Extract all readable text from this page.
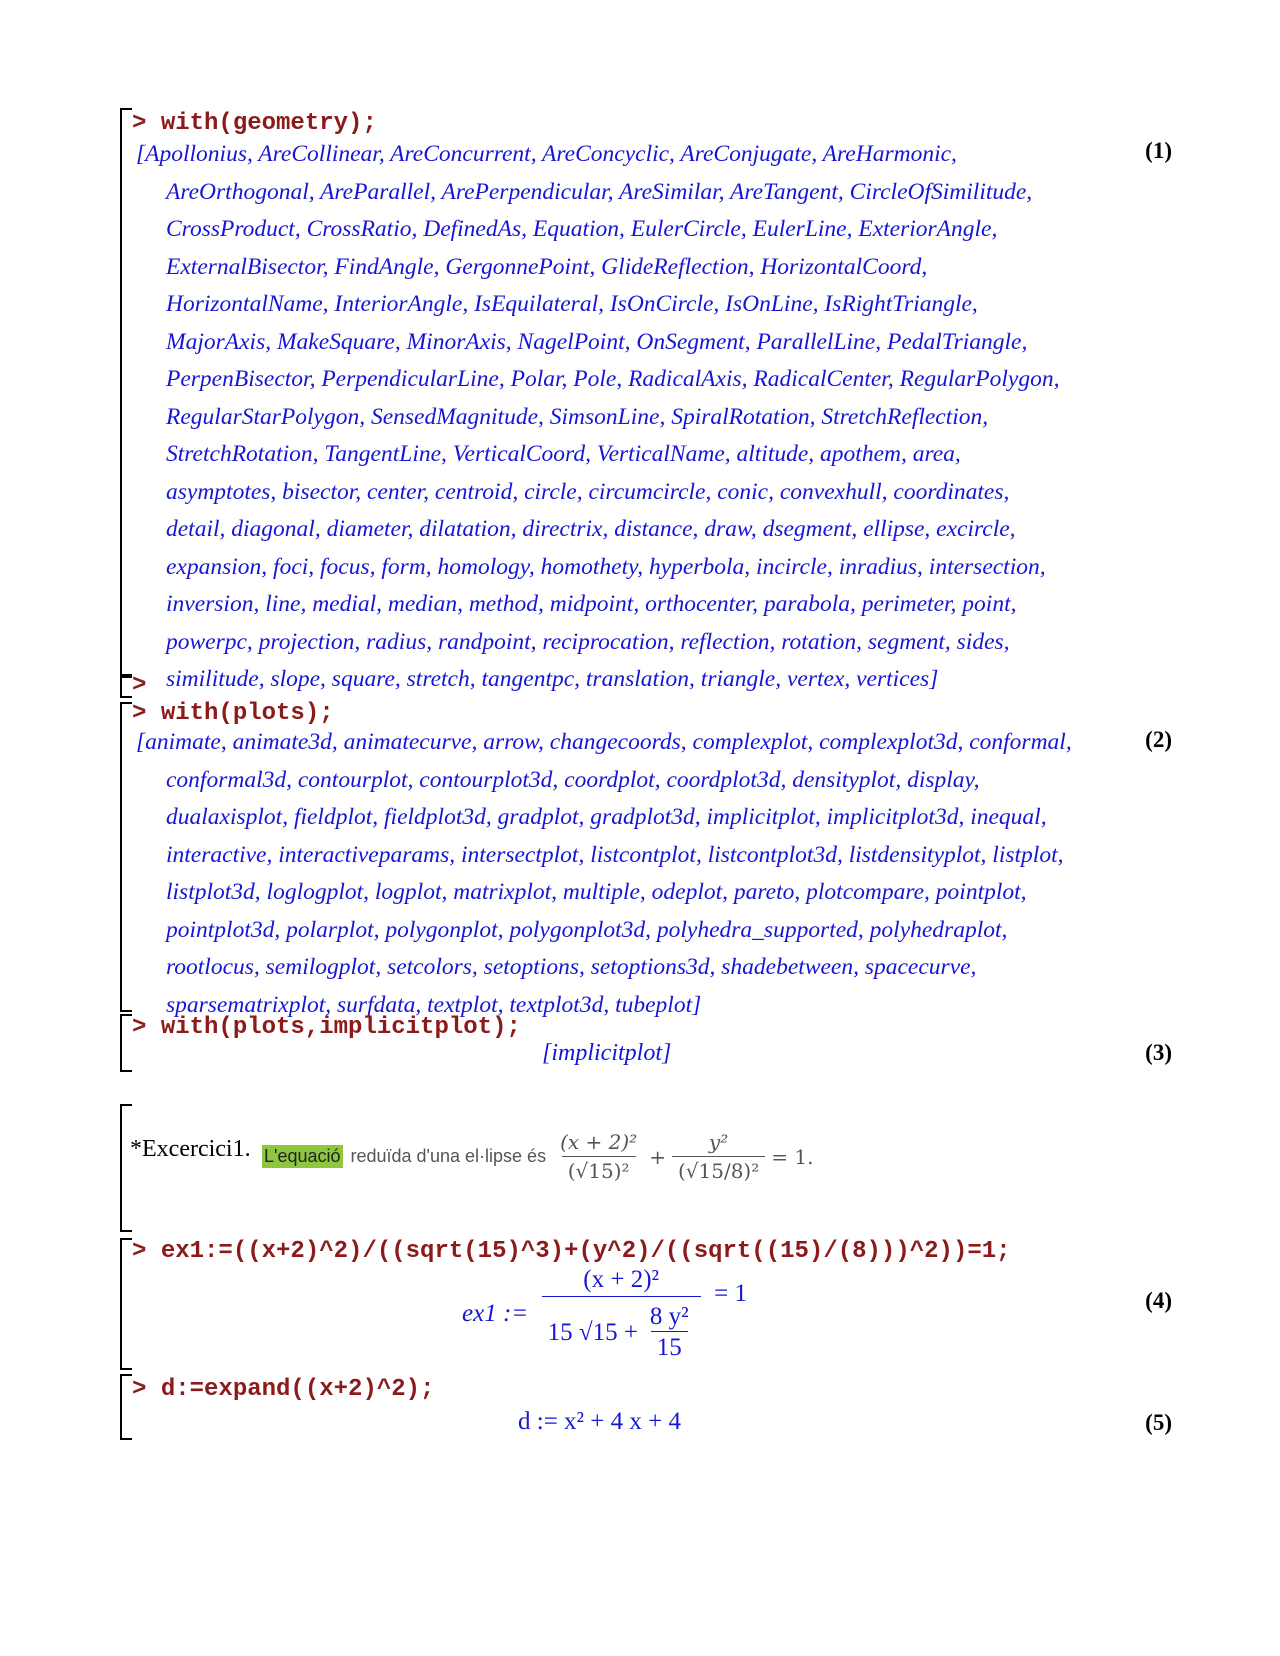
> with(geometry);
[Apollonius, AreCollinear, AreConcurrent, AreConcyclic, AreConjugate, AreHarmonic,
AreOrthogonal, AreParallel, ArePerpendicular, AreSimilar, AreTangent, CircleOfSimilitude,
CrossProduct, CrossRatio, DefinedAs, Equation, EulerCircle, EulerLine, ExteriorAngle,
ExternalBisector, FindAngle, GergonnePoint, GlideReflection, HorizontalCoord,
HorizontalName, InteriorAngle, IsEquilateral, IsOnCircle, IsOnLine, IsRightTriangle,
MajorAxis, MakeSquare, MinorAxis, NagelPoint, OnSegment, ParallelLine, PedalTriangle,
PerpenBisector, PerpendicularLine, Polar, Pole, RadicalAxis, RadicalCenter, RegularPolygon,
RegularStarPolygon, SensedMagnitude, SimsonLine, SpiralRotation, StretchReflection,
StretchRotation, TangentLine, VerticalCoord, VerticalName, altitude, apothem, area,
asymptotes, bisector, center, centroid, circle, circumcircle, conic, convexhull, coordinates,
detail, diagonal, diameter, dilatation, directrix, distance, draw, dsegment, ellipse, excircle,
expansion, foci, focus, form, homology, homothety, hyperbola, incircle, inradius, intersection,
inversion, line, medial, median, method, midpoint, orthocenter, parabola, perimeter, point,
powerpc, projection, radius, randpoint, reciprocation, reflection, rotation, segment, sides,
similitude, slope, square, stretch, tangentpc, translation, triangle, vertex, vertices]
(1)
>
> with(plots);
[animate, animate3d, animatecurve, arrow, changecoords, complexplot, complexplot3d, conformal,
conformal3d, contourplot, contourplot3d, coordplot, coordplot3d, densityplot, display,
dualaxisplot, fieldplot, fieldplot3d, gradplot, gradplot3d, implicitplot, implicitplot3d, inequal,
interactive, interactiveparams, intersectplot, listcontplot, listcontplot3d, listdensityplot, listplot,
listplot3d, loglogplot, logplot, matrixplot, multiple, odeplot, pareto, plotcompare, pointplot,
pointplot3d, polarplot, polygonplot, polygonplot3d, polyhedra_supported, polyhedraplot,
rootlocus, semilogplot, setcolors, setoptions, setoptions3d, shadebetween, spacecurve,
sparsematrixplot, surfdata, textplot, textplot3d, tubeplot]
(2)
> with(plots,implicitplot);
[implicitplot]	(3)
*Excercici1. L'equació reduïda d'una el·lipse és $\frac{\text{(x + 2)²}}{\text{(√15)²}} + \frac{\text{y²}}{\text{(√15/8)²}} = 1$.
> ex1:=((x+2)^2)/((sqrt(15)^3)+(y^2)/((sqrt((15)/(8)))^2))=1;
ex1 := $\frac{\text{(x + 2)²}}{15 √15 + \frac{\text{8 y²}}{15}} = 1$	(4)
> d:=expand((x+2)^2);
d := x² + 4 x + 4	(5)
